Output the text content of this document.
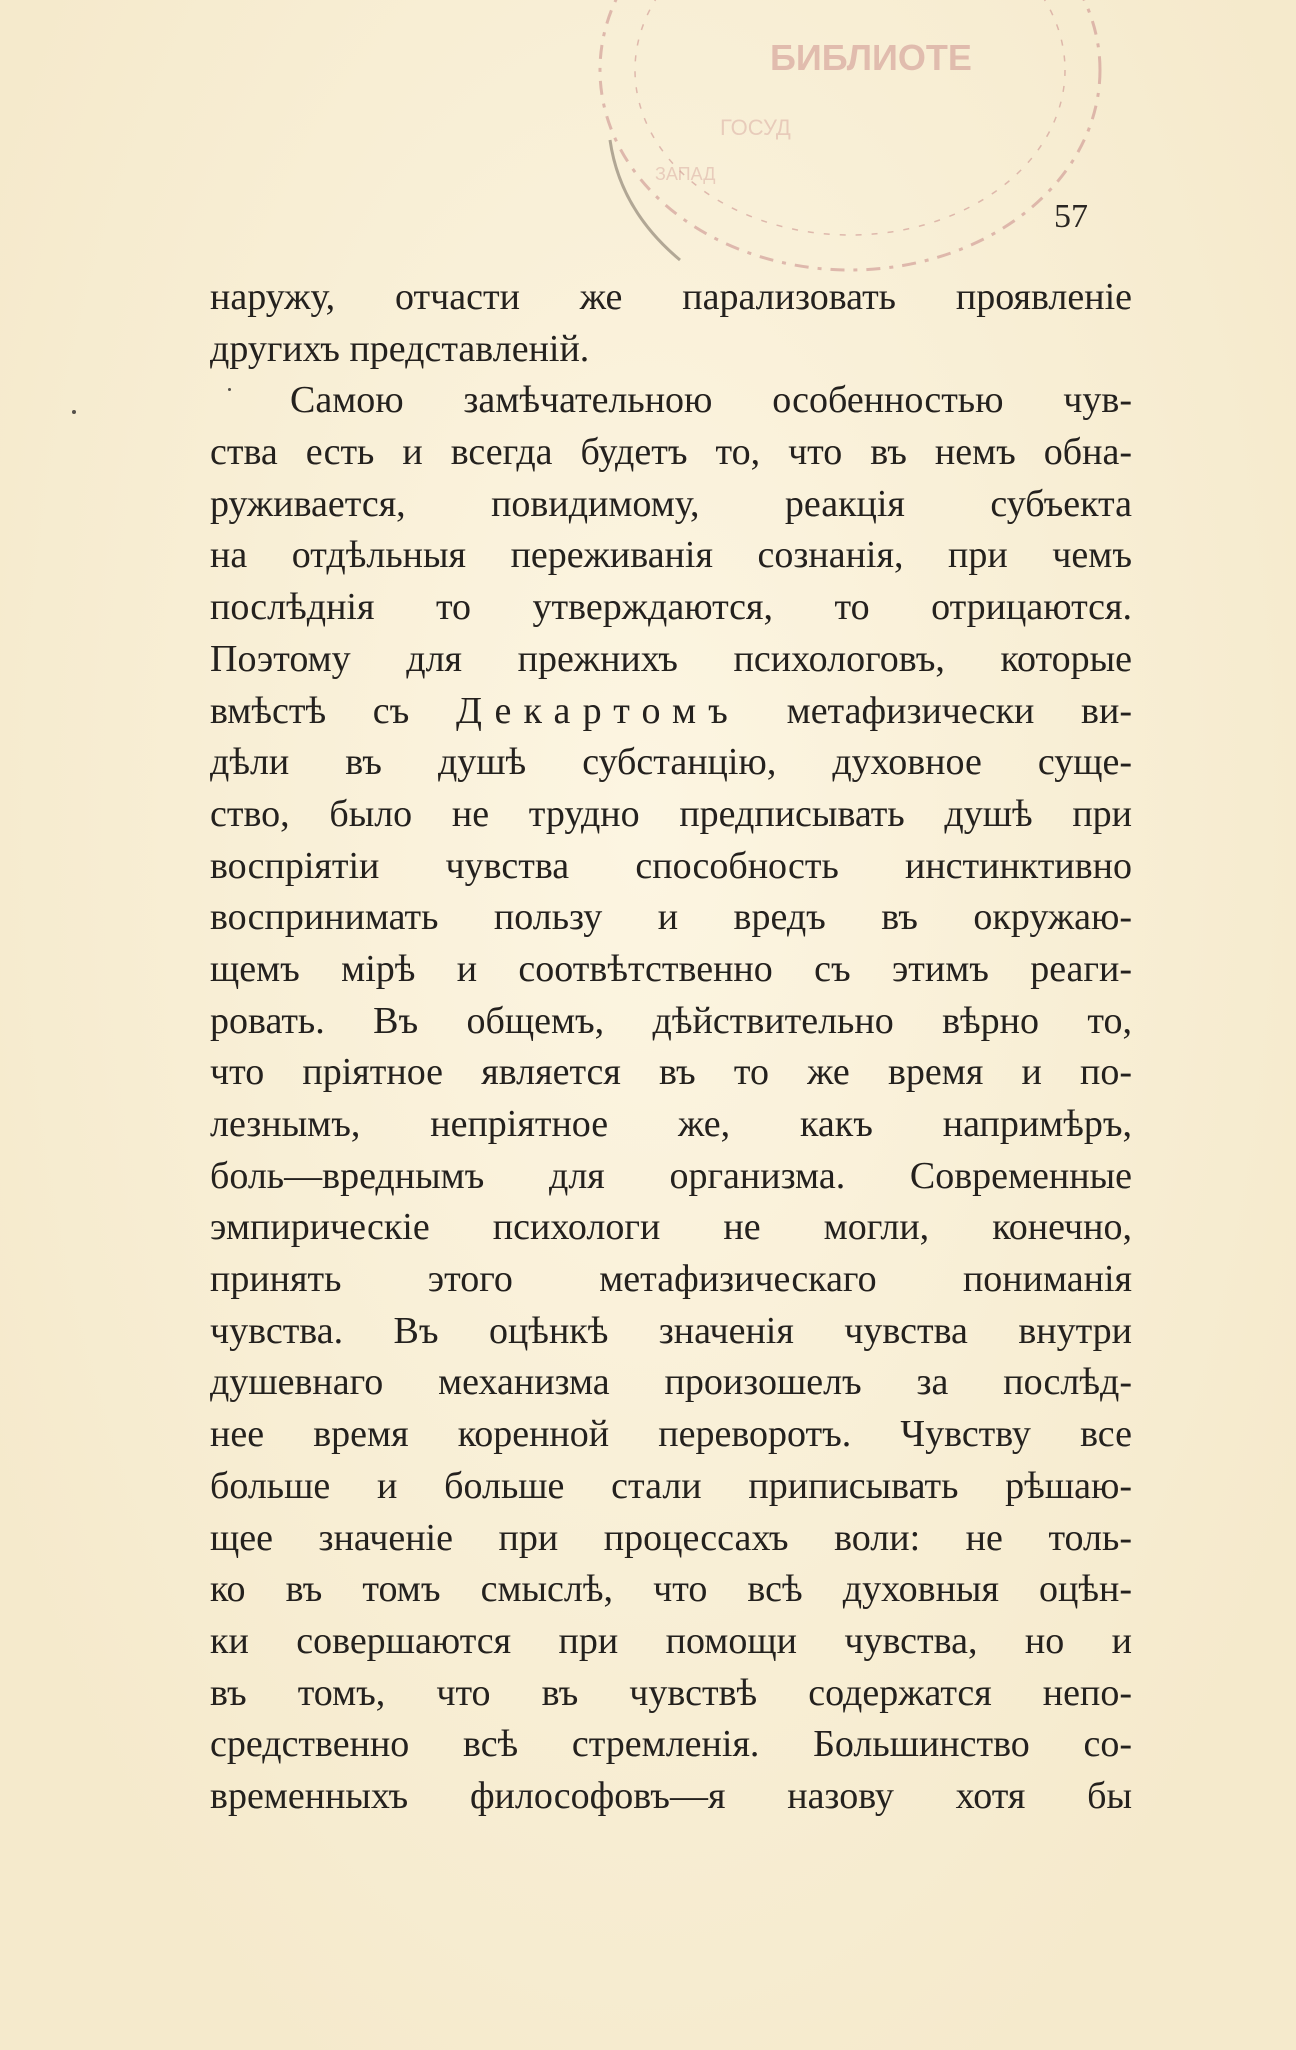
БИБЛИОТЕ
ГОСУД
ЗАПАД
57
наружу, отчасти же парализовать проявленіе
другихъ представленій.
Самою замѣчательною особенностью чув-
ства есть и всегда будетъ то, что въ немъ обна-
руживается, повидимому, реакція субъекта
на отдѣльныя переживанія сознанія, при чемъ
послѣднія то утверждаются, то отрицаются.
Поэтому для прежнихъ психологовъ, которые
вмѣстѣ съ Декартомъ метафизически ви-
дѣли въ душѣ субстанцію, духовное суще-
ство, было не трудно предписывать душѣ при
воспріятіи чувства способность инстинктивно
воспринимать пользу и вредъ въ окружаю-
щемъ мірѣ и соотвѣтственно съ этимъ реаги-
ровать. Въ общемъ, дѣйствительно вѣрно то,
что пріятное является въ то же время и по-
лезнымъ, непріятное же, какъ напримѣръ,
боль—вреднымъ для организма. Современные
эмпирическіе психологи не могли, конечно,
принять этого метафизическаго пониманія
чувства. Въ оцѣнкѣ значенія чувства внутри
душевнаго механизма произошелъ за послѣд-
нее время коренной переворотъ. Чувству все
больше и больше стали приписывать рѣшаю-
щее значеніе при процессахъ воли: не толь-
ко въ томъ смыслѣ, что всѣ духовныя оцѣн-
ки совершаются при помощи чувства, но и
въ томъ, что въ чувствѣ содержатся непо-
средственно всѣ стремленія. Большинство со-
временныхъ философовъ—я назову хотя бы
